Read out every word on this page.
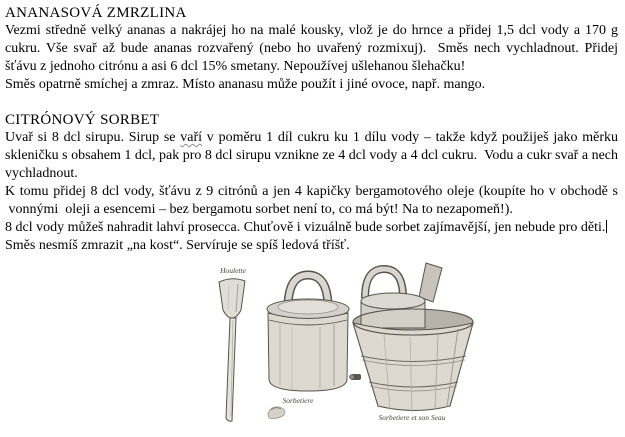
ANANASOVÁ ZMRZLINA

Vezmi středně velký ananas a nakrájej ho na malé kousky, vlož je do hrnce a přidej 1,5 dcl vody a 170 g cukru. Vše svař až bude ananas rozvařený (nebo ho uvařený rozmixuj).  Směs nech vychladnout. Přidej šťávu z jednoho citrónu a asi 6 dcl 15% smetany. Nepoužívej ušlehanou šlehačku!

Směs opatrně smíchej a zmraz. Místo ananasu může použít i jiné ovoce, např. mango.

CITRÓNOVÝ SORBET

Uvař si 8 dcl sirupu. Sirup se vaří v poměru 1 díl cukru ku 1 dílu vody – takže když použiješ jako měrku skleničku s obsahem 1 dcl, pak pro 8 dcl sirupu vznikne ze 4 dcl vody a 4 dcl cukru.  Vodu a cukr svař a nech vychladnout.

K tomu přidej 8 dcl vody, šťávu z 9 citrónů a jen 4 kapičky bergamotového oleje (koupíte ho v obchodě s  vonnými  oleji a esencemi – bez bergamotu sorbet není to, co má být! Na to nezapomeň!).

8 dcl vody můžeš nahradit lahví prosecca. Chuťově i vizuálně bude sorbet zajímavější, jen nebude pro děti.

Směs nesmíš zmrazit „na kost“. Servíruje se spíš ledová tříšť.

Houlette
Sorbetiere
Sorbetiere et son Seau
